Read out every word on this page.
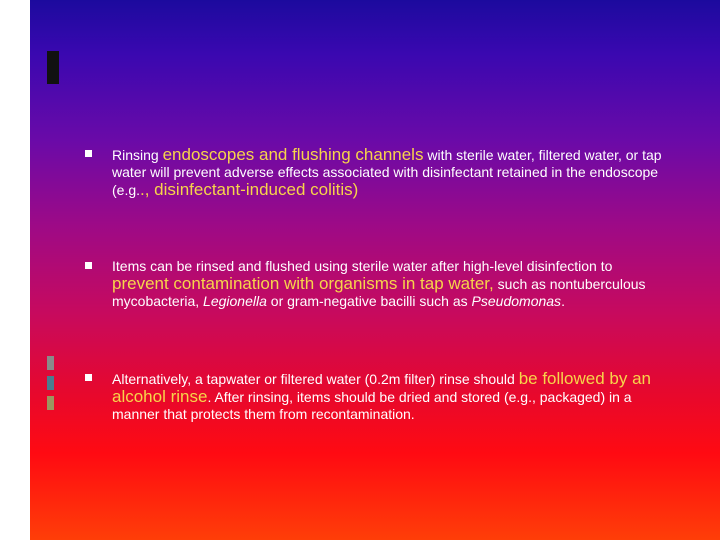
Rinsing endoscopes and flushing channels with sterile water, filtered water, or tap water will prevent adverse effects associated with disinfectant retained in the endoscope (e.g.., disinfectant-induced colitis)
Items can be rinsed and flushed using sterile water after high-level disinfection to prevent contamination with organisms in tap water, such as nontuberculous mycobacteria, Legionella or gram-negative bacilli such as Pseudomonas.
Alternatively, a tapwater or filtered water (0.2m filter) rinse should be followed by an alcohol rinse. After rinsing, items should be dried and stored (e.g., packaged) in a manner that protects them from recontamination.
